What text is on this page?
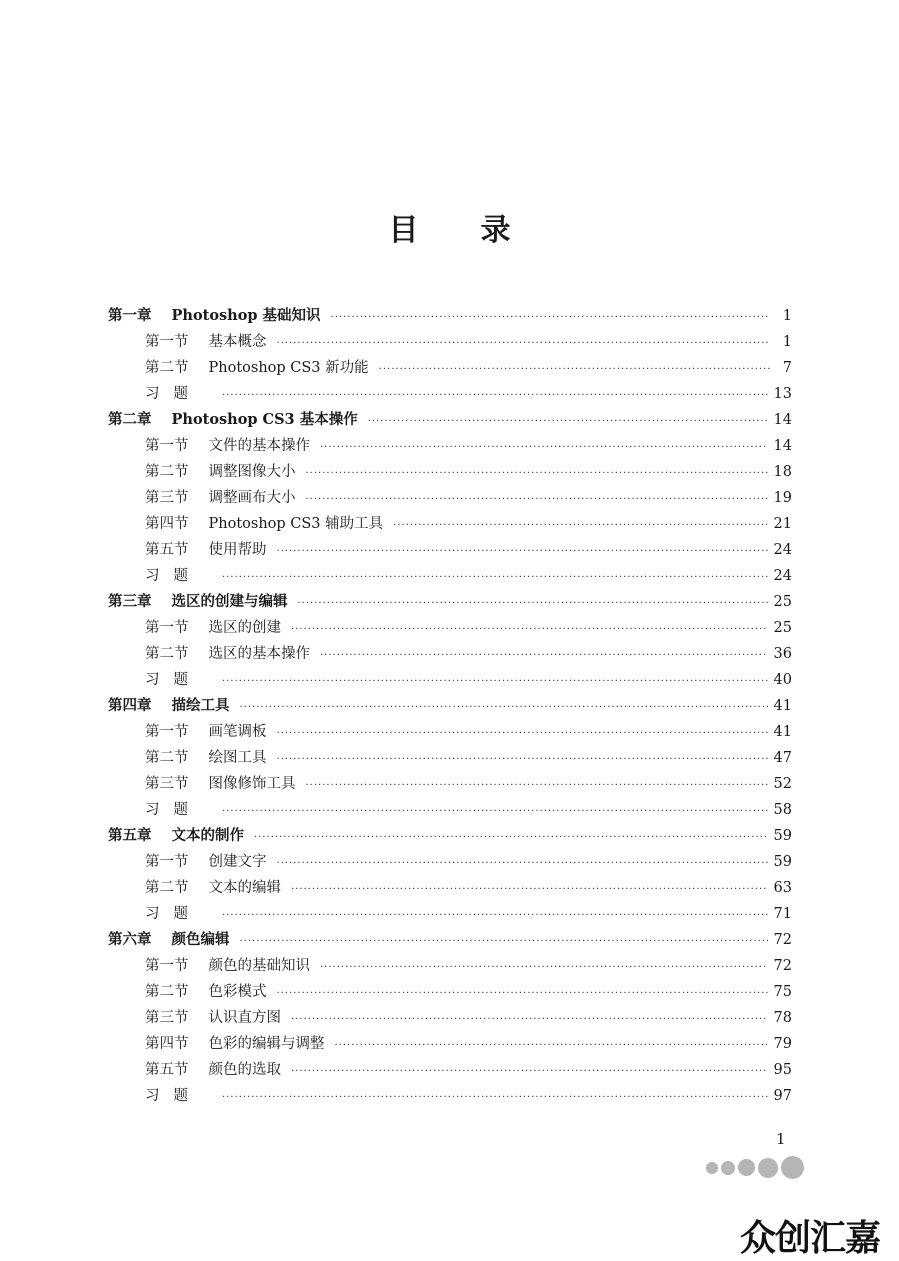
目 录
第一章 Photoshop 基础知识 ·····	1
第一节 基本概念 ·····	1
第二节 Photoshop CS3 新功能 ·····	7
习题 ·····	13
第二章 Photoshop CS3 基本操作 ·····	14
第一节 文件的基本操作 ·····	14
第二节 调整图像大小 ·····	18
第三节 调整画布大小 ·····	19
第四节 Photoshop CS3 辅助工具 ·····	21
第五节 使用帮助 ·····	24
习题 ·····	24
第三章 选区的创建与编辑 ·····	25
第一节 选区的创建 ·····	25
第二节 选区的基本操作 ·····	36
习题 ·····	40
第四章 描绘工具 ·····	41
第一节 画笔调板 ·····	41
第二节 绘图工具 ·····	47
第三节 图像修饰工具 ·····	52
习题 ·····	58
第五章 文本的制作 ·····	59
第一节 创建文字 ·····	59
第二节 文本的编辑 ·····	63
习题 ·····	71
第六章 颜色编辑 ·····	72
第一节 颜色的基础知识 ·····	72
第二节 色彩模式 ·····	75
第三节 认识直方图 ·····	78
第四节 色彩的编辑与调整 ·····	79
第五节 颜色的选取 ·····	95
习题 ·····	97
1
众创汇嘉
